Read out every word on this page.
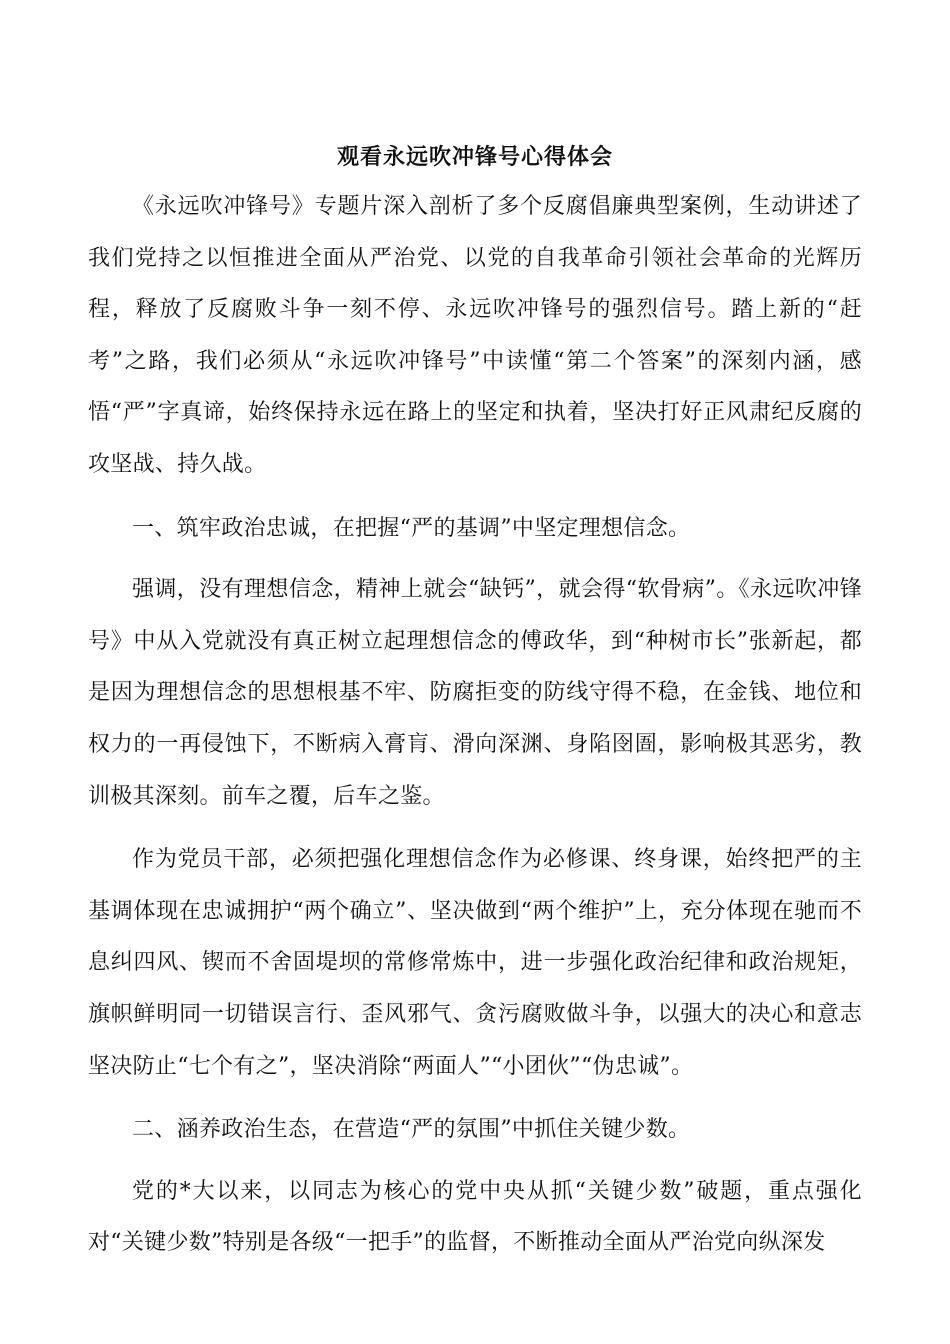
观看永远吹冲锋号心得体会

《永远吹冲锋号》专题片深入剖析了多个反腐倡廉典型案例，生动讲述了我们党持之以恒推进全面从严治党、以党的自我革命引领社会革命的光辉历程，释放了反腐败斗争一刻不停、永远吹冲锋号的强烈信号。踏上新的“赶考”之路，我们必须从“永远吹冲锋号”中读懂“第二个答案”的深刻内涵，感悟“严”字真谛，始终保持永远在路上的坚定和执着，坚决打好正风肃纪反腐的攻坚战、持久战。

一、筑牢政治忠诚，在把握“严的基调”中坚定理想信念。

强调，没有理想信念，精神上就会“缺钙”，就会得“软骨病”。《永远吹冲锋号》中从入党就没有真正树立起理想信念的傅政华，到“种树市长”张新起，都是因为理想信念的思想根基不牢、防腐拒变的防线守得不稳，在金钱、地位和权力的一再侵蚀下，不断病入膏肓、滑向深渊、身陷囹圄，影响极其恶劣，教训极其深刻。前车之覆，后车之鉴。

作为党员干部，必须把强化理想信念作为必修课、终身课，始终把严的主基调体现在忠诚拥护“两个确立”、坚决做到“两个维护”上，充分体现在驰而不息纠四风、锲而不舍固堤坝的常修常炼中，进一步强化政治纪律和政治规矩，旗帜鲜明同一切错误言行、歪风邪气、贪污腐败做斗争，以强大的决心和意志坚决防止“七个有之”，坚决消除“两面人”“小团伙”“伪忠诚”。

二、涵养政治生态，在营造“严的氛围”中抓住关键少数。

党的*大以来，以同志为核心的党中央从抓“关键少数”破题，重点强化对“关键少数”特别是各级“一把手”的监督，不断推动全面从严治党向纵深发
